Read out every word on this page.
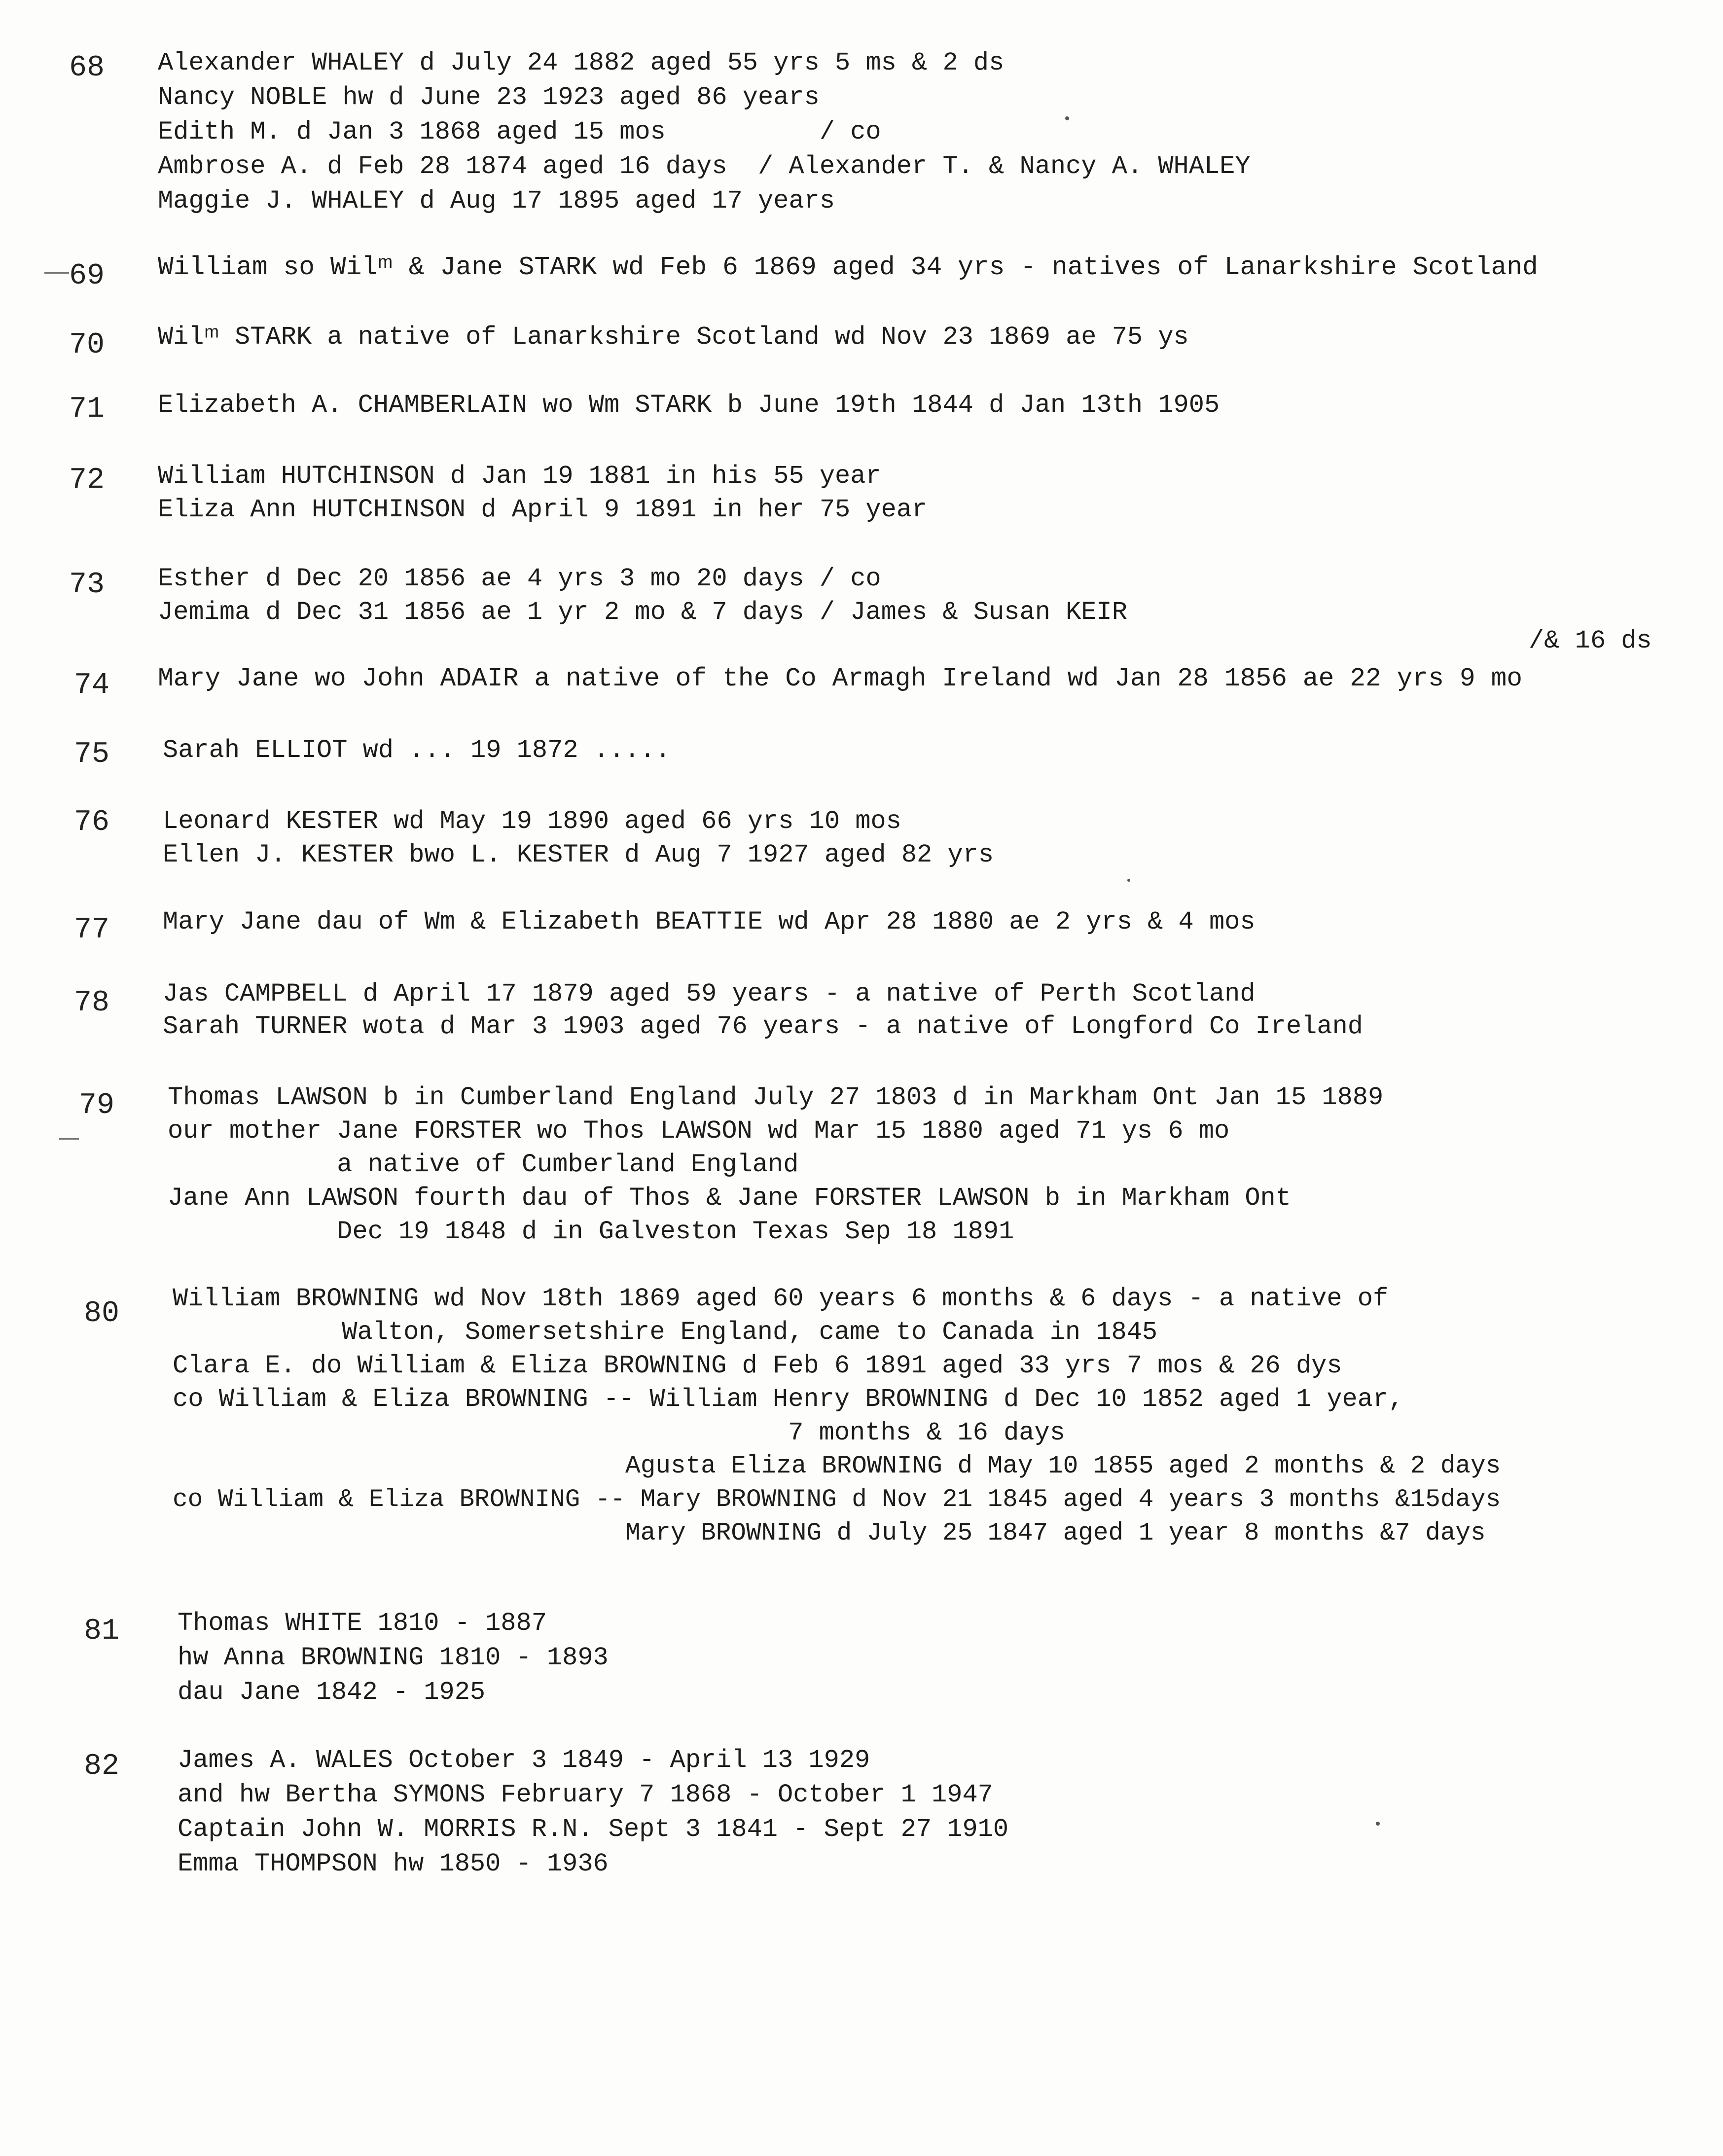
68 Alexander WHALEY d July 24 1882 aged 55 yrs 5 ms & 2 ds
Nancy NOBLE hw d June 23 1923 aged 86 years
Edith M. d Jan 3 1868 aged 15 mos          / co
Ambrose A. d Feb 28 1874 aged 16 days  / Alexander T. & Nancy A. WHALEY
Maggie J. WHALEY d Aug 17 1895 aged 17 years
69 William so Wilᵐ & Jane STARK wd Feb 6 1869 aged 34 yrs - natives of Lanarkshire Scotland
70 Wilᵐ STARK a native of Lanarkshire Scotland wd Nov 23 1869 ae 75 ys
71 Elizabeth A. CHAMBERLAIN wo Wm STARK b June 19th 1844 d Jan 13th 1905
72 William HUTCHINSON d Jan 19 1881 in his 55 year
Eliza Ann HUTCHINSON d April 9 1891 in her 75 year
73 Esther d Dec 20 1856 ae 4 yrs 3 mo 20 days / co
Jemima d Dec 31 1856 ae 1 yr 2 mo & 7 days / James & Susan KEIR
/& 16 ds
74 Mary Jane wo John ADAIR a native of the Co Armagh Ireland wd Jan 28 1856 ae 22 yrs 9 mo
75 Sarah ELLIOT wd ... 19 1872 .....
76 Leonard KESTER wd May 19 1890 aged 66 yrs 10 mos
Ellen J. KESTER bwo L. KESTER d Aug 7 1927 aged 82 yrs
77 Mary Jane dau of Wm & Elizabeth BEATTIE wd Apr 28 1880 ae 2 yrs & 4 mos
78 Jas CAMPBELL d April 17 1879 aged 59 years - a native of Perth Scotland
Sarah TURNER wota d Mar 3 1903 aged 76 years - a native of Longford Co Ireland
79 Thomas LAWSON b in Cumberland England July 27 1803 d in Markham Ont Jan 15 1889
our mother Jane FORSTER wo Thos LAWSON wd Mar 15 1880 aged 71 ys 6 mo
a native of Cumberland England
Jane Ann LAWSON fourth dau of Thos & Jane FORSTER LAWSON b in Markham Ont
Dec 19 1848 d in Galveston Texas Sep 18 1891
80 William BROWNING wd Nov 18th 1869 aged 60 years 6 months & 6 days - a native of
Walton, Somersetshire England, came to Canada in 1845
Clara E. do William & Eliza BROWNING d Feb 6 1891 aged 33 yrs 7 mos & 26 dys
co William & Eliza BROWNING -- William Henry BROWNING d Dec 10 1852 aged 1 year,
7 months & 16 days
Agusta Eliza BROWNING d May 10 1855 aged 2 months & 2 days
co William & Eliza BROWNING -- Mary BROWNING d Nov 21 1845 aged 4 years 3 months &15days
Mary BROWNING d July 25 1847 aged 1 year 8 months &7 days
81 Thomas WHITE 1810 - 1887
hw Anna BROWNING 1810 - 1893
dau Jane 1842 - 1925
82 James A. WALES October 3 1849 - April 13 1929
and hw Bertha SYMONS February 7 1868 - October 1 1947
Captain John W. MORRIS R.N. Sept 3 1841 - Sept 27 1910
Emma THOMPSON hw 1850 - 1936
